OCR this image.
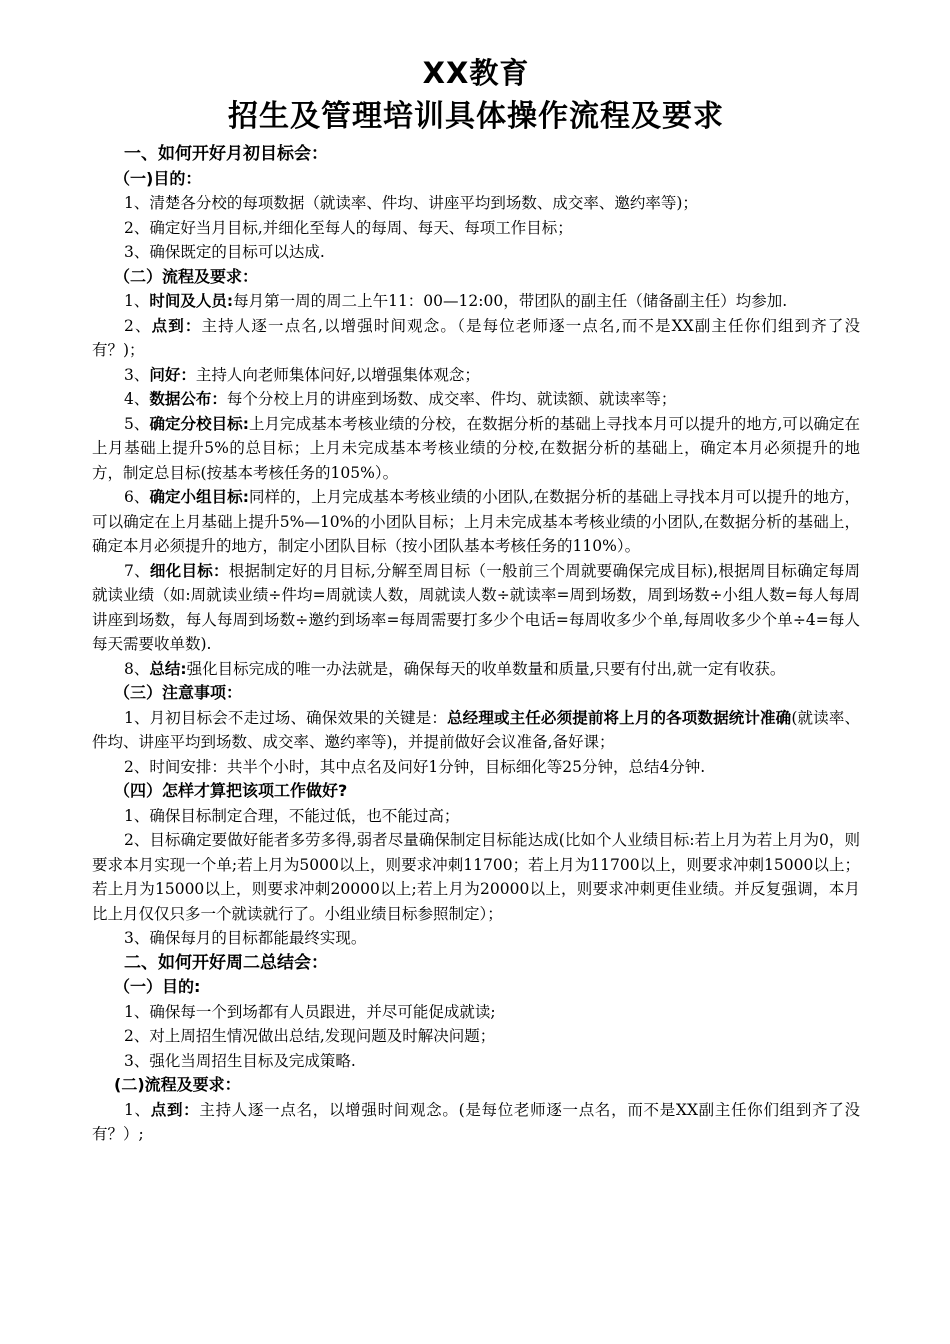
XX教育
招生及管理培训具体操作流程及要求
一、如何开好月初目标会：
（一)目的：

1、清楚各分校的每项数据（就读率、件均、讲座平均到场数、成交率、邀约率等)；

2、确定好当月目标,并细化至每人的每周、每天、每项工作目标；

3、确保既定的目标可以达成.

（二）流程及要求：

1、时间及人员:每月第一周的周二上午11：00—12:00，带团队的副主任（储备副主任）均参加.

2、点到：主持人逐一点名,以增强时间观念。（是每位老师逐一点名,而不是XX副主任你们组到齐了没有？)；

3、问好：主持人向老师集体问好,以增强集体观念；

4、数据公布：每个分校上月的讲座到场数、成交率、件均、就读额、就读率等；

5、确定分校目标:上月完成基本考核业绩的分校，在数据分析的基础上寻找本月可以提升的地方,可以确定在上月基础上提升5%的总目标；上月未完成基本考核业绩的分校,在数据分析的基础上，确定本月必须提升的地方，制定总目标(按基本考核任务的105%）。

6、确定小组目标:同样的，上月完成基本考核业绩的小团队,在数据分析的基础上寻找本月可以提升的地方，可以确定在上月基础上提升5%—10%的小团队目标；上月未完成基本考核业绩的小团队,在数据分析的基础上，确定本月必须提升的地方，制定小团队目标（按小团队基本考核任务的110%）。

7、细化目标：根据制定好的月目标,分解至周目标（一般前三个周就要确保完成目标),根据周目标确定每周就读业绩（如:周就读业绩÷件均=周就读人数，周就读人数÷就读率=周到场数，周到场数÷小组人数=每人每周讲座到场数，每人每周到场数÷邀约到场率=每周需要打多少个电话=每周收多少个单,每周收多少个单÷4=每人每天需要收单数).

8、总结:强化目标完成的唯一办法就是，确保每天的收单数量和质量,只要有付出,就一定有收获。

（三）注意事项：

1、月初目标会不走过场、确保效果的关键是：总经理或主任必须提前将上月的各项数据统计准确(就读率、件均、讲座平均到场数、成交率、邀约率等)，并提前做好会议准备,备好课；

2、时间安排：共半个小时，其中点名及问好1分钟，目标细化等25分钟，总结4分钟.

（四）怎样才算把该项工作做好?

1、确保目标制定合理，不能过低，也不能过高；

2、目标确定要做好能者多劳多得,弱者尽量确保制定目标能达成(比如个人业绩目标:若上月为若上月为0，则要求本月实现一个单;若上月为5000以上，则要求冲刺11700；若上月为11700以上，则要求冲刺15000以上；若上月为15000以上，则要求冲刺20000以上;若上月为20000以上，则要求冲刺更佳业绩。并反复强调，本月比上月仅仅只多一个就读就行了。小组业绩目标参照制定）；

3、确保每月的目标都能最终实现。

二、如何开好周二总结会：
（一）目的:

1、确保每一个到场都有人员跟进，并尽可能促成就读;

2、对上周招生情况做出总结,发现问题及时解决问题；

3、强化当周招生目标及完成策略.

(二)流程及要求：

1、点到：主持人逐一点名，以增强时间观念。(是每位老师逐一点名，而不是XX副主任你们组到齐了没有？）;
